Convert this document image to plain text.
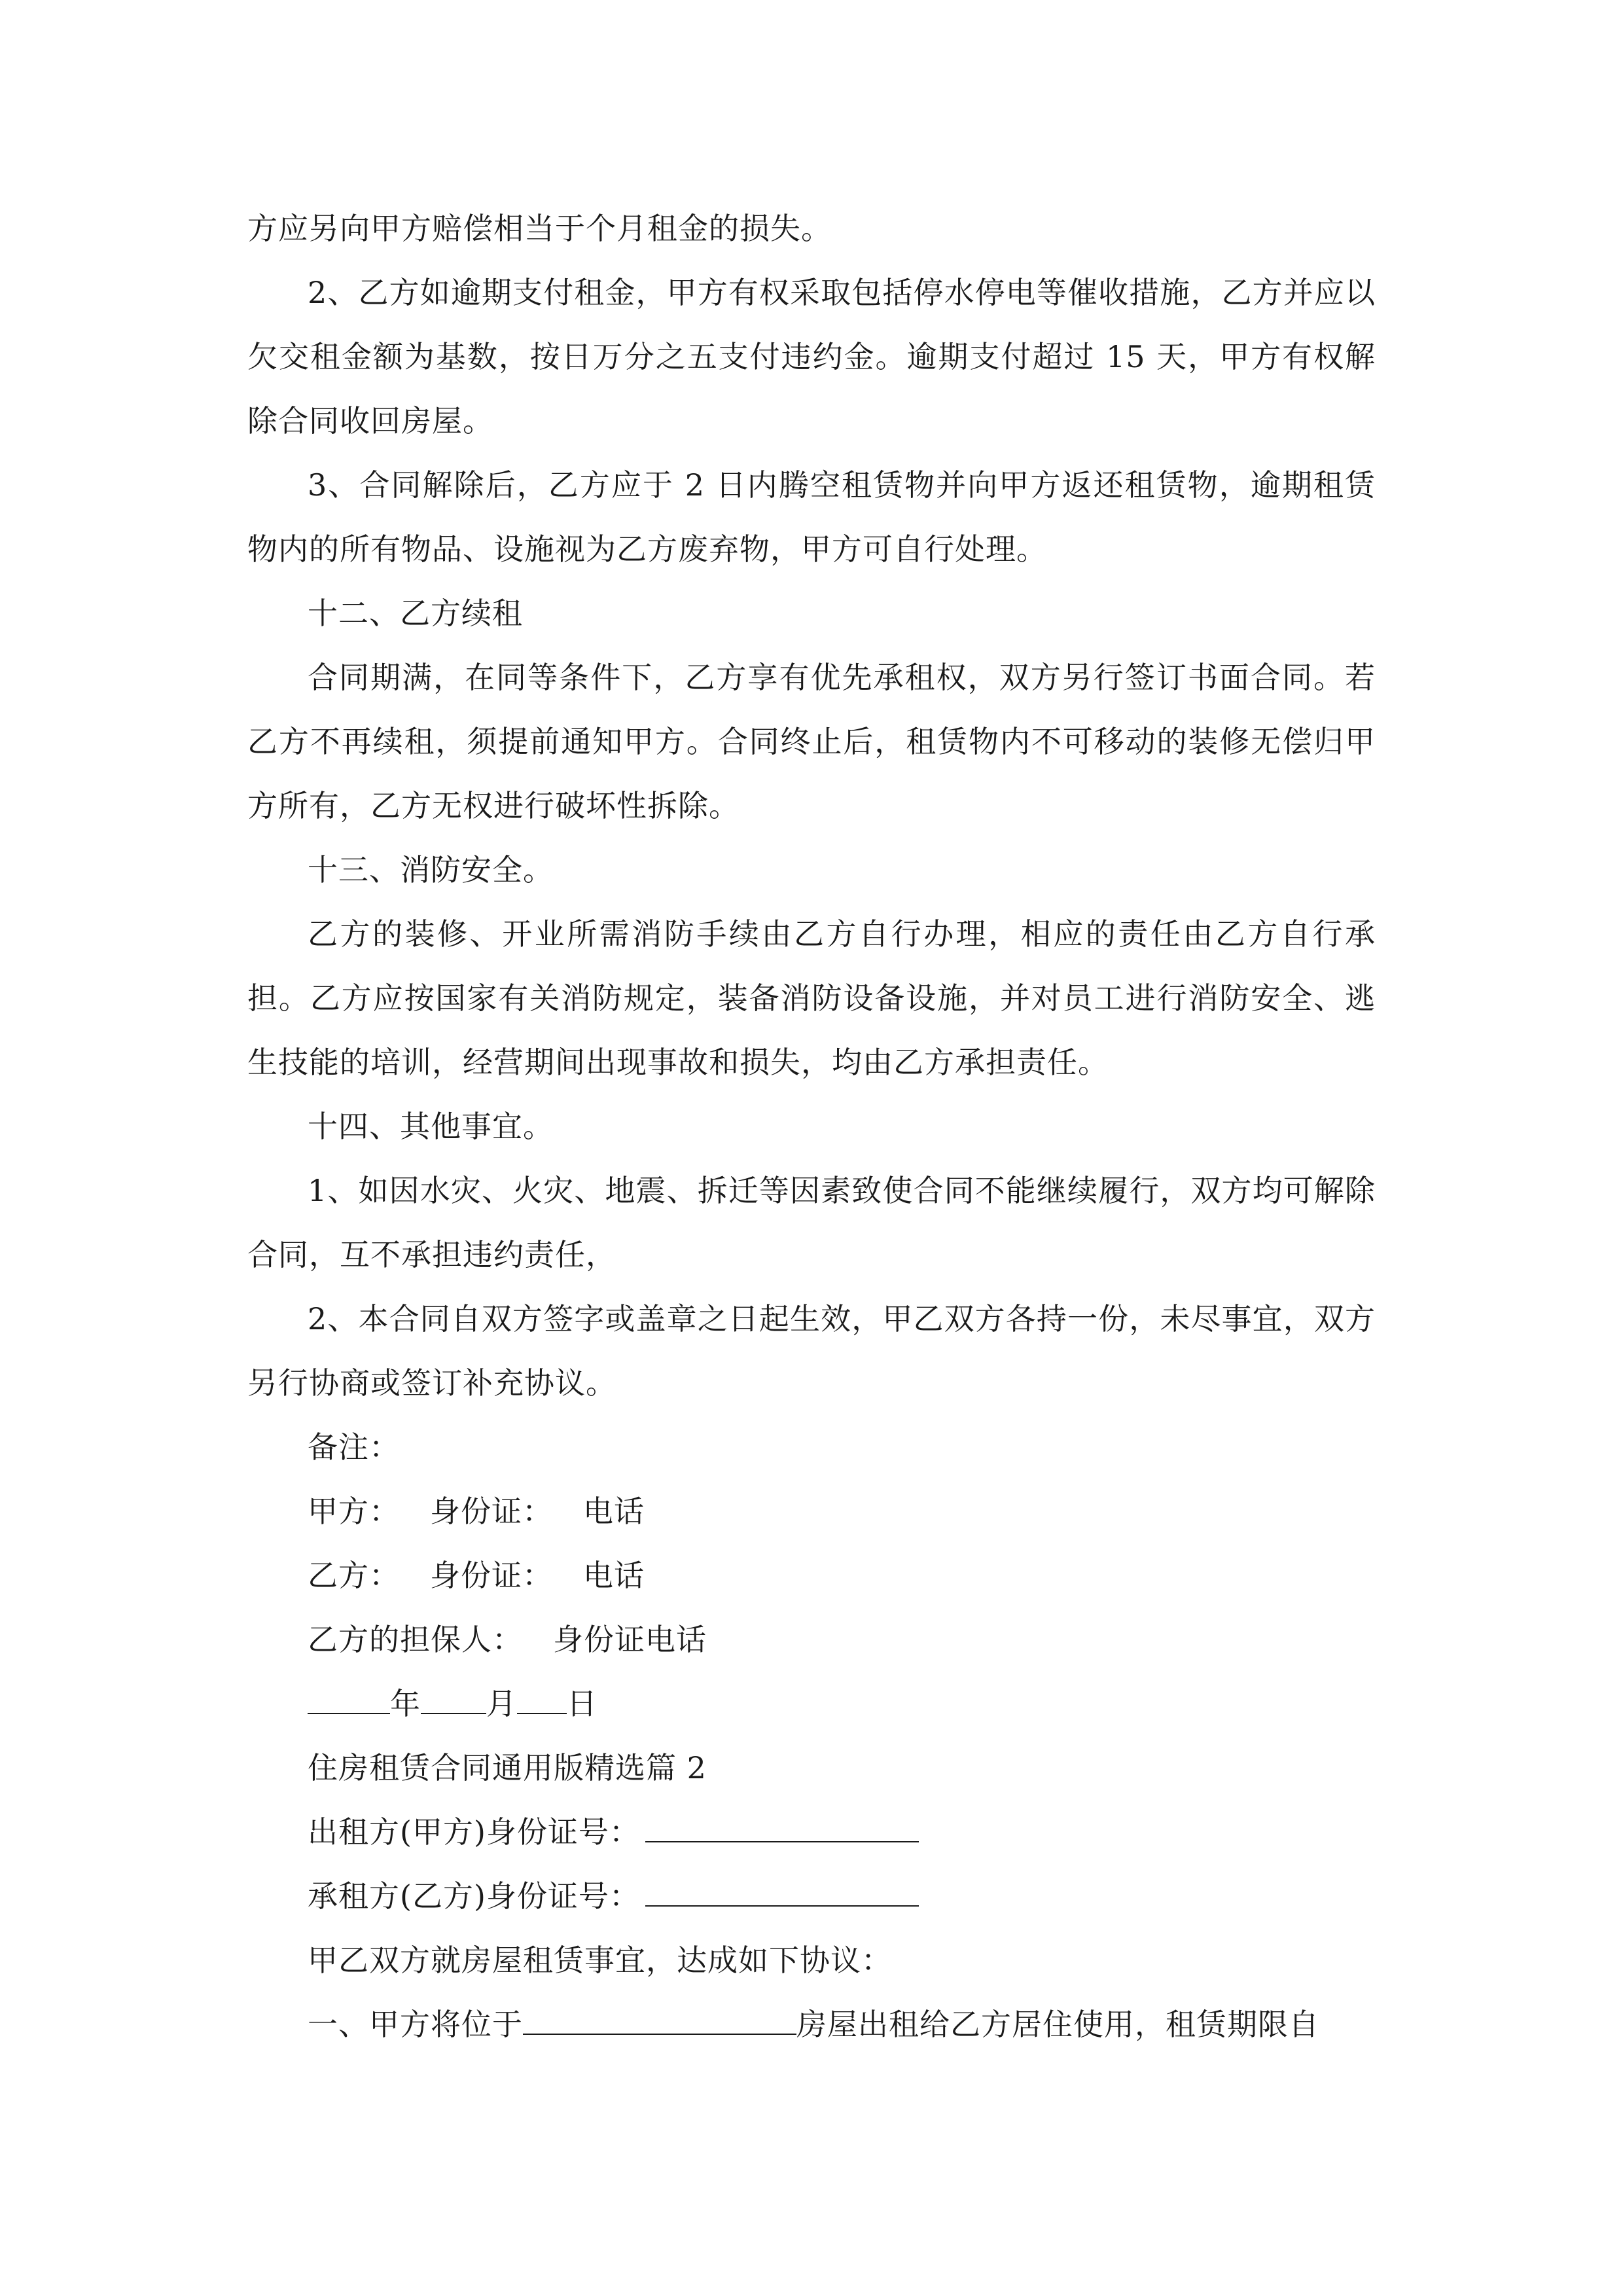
方应另向甲方赔偿相当于个月租金的损失。

2、乙方如逾期支付租金，甲方有权采取包括停水停电等催收措施，乙方并应以欠交租金额为基数，按日万分之五支付违约金。逾期支付超过 15 天，甲方有权解除合同收回房屋。

3、合同解除后，乙方应于 2 日内腾空租赁物并向甲方返还租赁物，逾期租赁物内的所有物品、设施视为乙方废弃物，甲方可自行处理。

十二、乙方续租

合同期满，在同等条件下，乙方享有优先承租权，双方另行签订书面合同。若乙方不再续租，须提前通知甲方。合同终止后，租赁物内不可移动的装修无偿归甲方所有，乙方无权进行破坏性拆除。

十三、消防安全。

乙方的装修、开业所需消防手续由乙方自行办理，相应的责任由乙方自行承担。乙方应按国家有关消防规定，装备消防设备设施，并对员工进行消防安全、逃生技能的培训，经营期间出现事故和损失，均由乙方承担责任。

十四、其他事宜。

1、如因水灾、火灾、地震、拆迁等因素致使合同不能继续履行，双方均可解除合同，互不承担违约责任，

2、本合同自双方签字或盖章之日起生效，甲乙双方各持一份，未尽事宜，双方另行协商或签订补充协议。

备注：

甲方： 身份证： 电话

乙方： 身份证： 电话

乙方的担保人： 身份证电话

年 月 日

住房租赁合同通用版精选篇 2

出租方(甲方)身份证号：

承租方(乙方)身份证号：

甲乙双方就房屋租赁事宜，达成如下协议：

一、甲方将位于	房屋出租给乙方居住使用，租赁期限自
